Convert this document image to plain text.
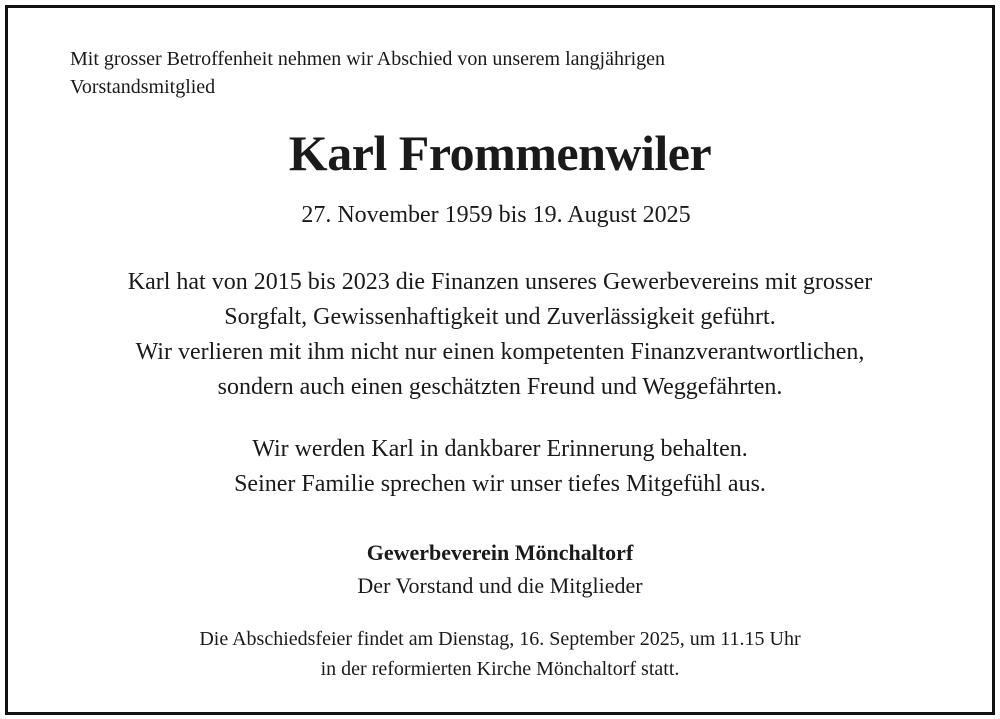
Mit grosser Betroffenheit nehmen wir Abschied von unserem langjährigen
Vorstandsmitglied
Karl Frommenwiler
27. November 1959 bis 19. August 2025
Karl hat von 2015 bis 2023 die Finanzen unseres Gewerbevereins mit grosser
Sorgfalt, Gewissenhaftigkeit und Zuverlässigkeit geführt.
Wir verlieren mit ihm nicht nur einen kompetenten Finanzverantwortlichen,
sondern auch einen geschätzten Freund und Weggefährten.
Wir werden Karl in dankbarer Erinnerung behalten.
Seiner Familie sprechen wir unser tiefes Mitgefühl aus.
Gewerbeverein Mönchaltorf
Der Vorstand und die Mitglieder
Die Abschiedsfeier findet am Dienstag, 16. September 2025, um 11.15 Uhr
in der reformierten Kirche Mönchaltorf statt.
